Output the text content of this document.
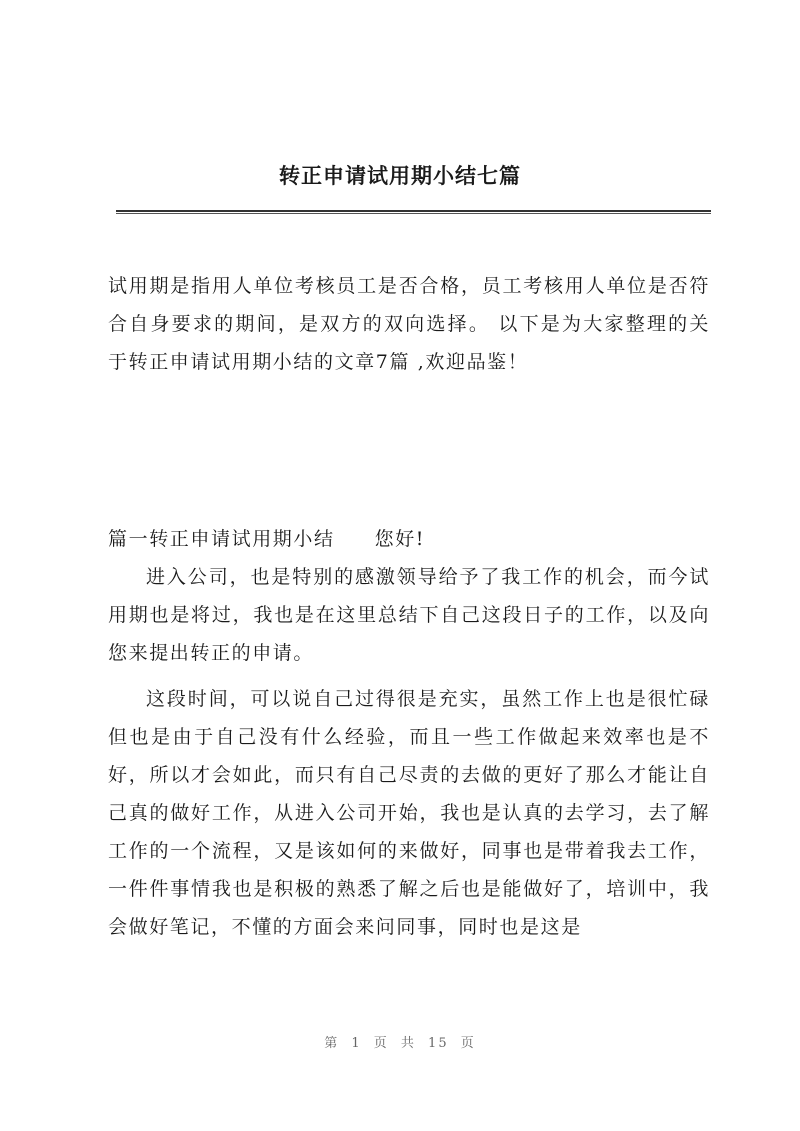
转正申请试用期小结七篇

试用期是指用人单位考核员工是否合格，员工考核用人单位是否符合自身要求的期间，是双方的双向选择。 以下是为大家整理的关于转正申请试用期小结的文章7篇 ,欢迎品鉴！

篇一转正申请试用期小结 您好!

进入公司，也是特别的感激领导给予了我工作的机会，而今试用期也是将过，我也是在这里总结下自己这段日子的工作，以及向您来提出转正的申请。

这段时间，可以说自己过得很是充实，虽然工作上也是很忙碌但也是由于自己没有什么经验，而且一些工作做起来效率也是不好，所以才会如此，而只有自己尽责的去做的更好了那么才能让自己真的做好工作，从进入公司开始，我也是认真的去学习，去了解工作的一个流程，又是该如何的来做好，同事也是带着我去工作，一件件事情我也是积极的熟悉了解之后也是能做好了，培训中，我会做好笔记，不懂的方面会来问同事，同时也是这是

第 1 页 共 15 页
